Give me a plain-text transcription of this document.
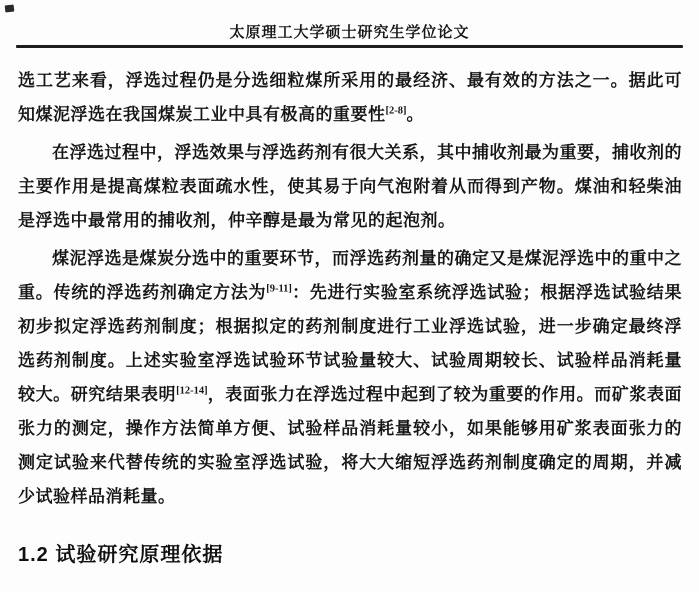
太原理工大学硕士研究生学位论文

选工艺来看，浮选过程仍是分选细粒煤所采用的最经济、最有效的方法之一。据此可知煤泥浮选在我国煤炭工业中具有极高的重要性[2-8]。

在浮选过程中，浮选效果与浮选药剂有很大关系，其中捕收剂最为重要，捕收剂的主要作用是提高煤粒表面疏水性，使其易于向气泡附着从而得到产物。煤油和轻柴油是浮选中最常用的捕收剂，仲辛醇是最为常见的起泡剂。

煤泥浮选是煤炭分选中的重要环节，而浮选药剂量的确定又是煤泥浮选中的重中之重。传统的浮选药剂确定方法为[9-11]：先进行实验室系统浮选试验；根据浮选试验结果初步拟定浮选药剂制度；根据拟定的药剂制度进行工业浮选试验，进一步确定最终浮选药剂制度。上述实验室浮选试验环节试验量较大、试验周期较长、试验样品消耗量较大。研究结果表明[12-14]，表面张力在浮选过程中起到了较为重要的作用。而矿浆表面张力的测定，操作方法简单方便、试验样品消耗量较小，如果能够用矿浆表面张力的测定试验来代替传统的实验室浮选试验，将大大缩短浮选药剂制度确定的周期，并减少试验样品消耗量。

1.2 试验研究原理依据
